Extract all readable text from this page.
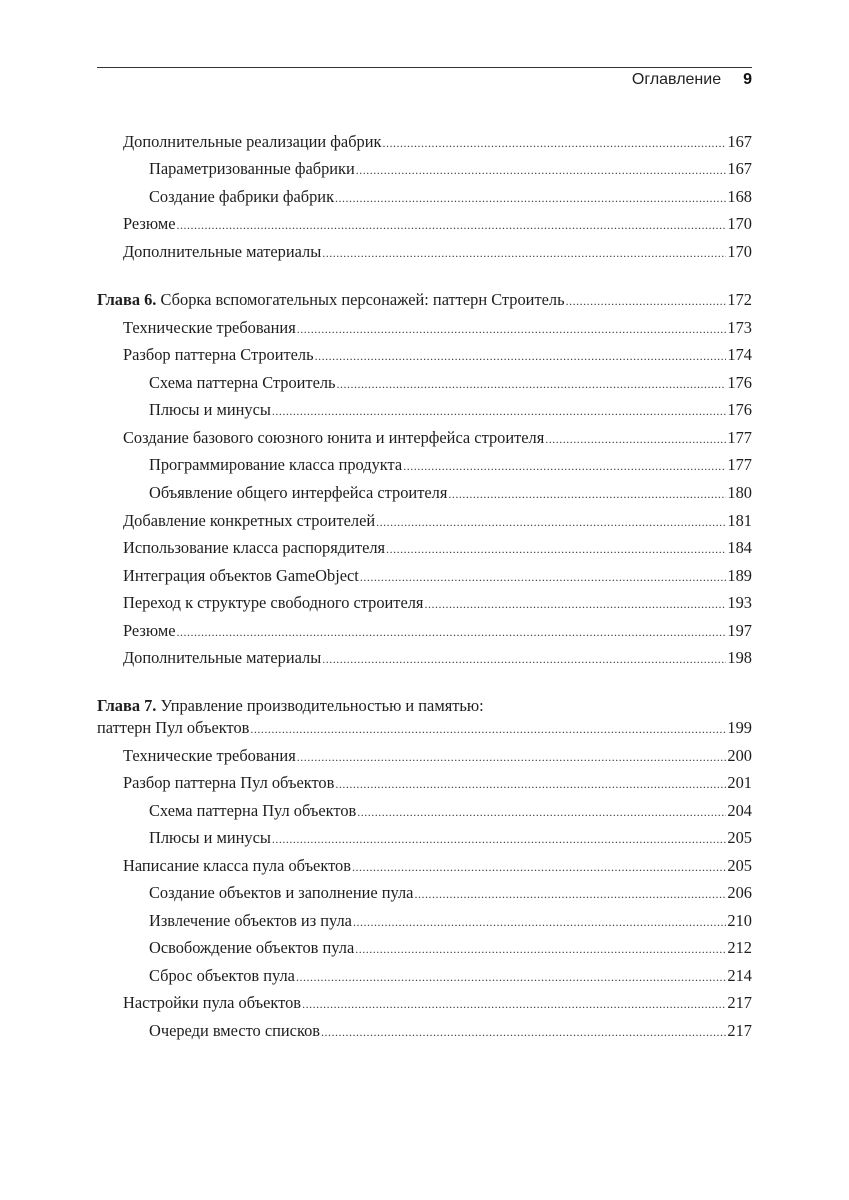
Оглавление 9
Дополнительные реализации фабрик .....	167
Параметризованные фабрики .....	167
Создание фабрики фабрик .....	168
Резюме .....	170
Дополнительные материалы .....	170
Глава 6. Сборка вспомогательных персонажей: паттерн Строитель .....	172
Технические требования .....	173
Разбор паттерна Строитель .....	174
Схема паттерна Строитель .....	176
Плюсы и минусы .....	176
Создание базового союзного юнита и интерфейса строителя .....	177
Программирование класса продукта .....	177
Объявление общего интерфейса строителя .....	180
Добавление конкретных строителей .....	181
Использование класса распорядителя .....	184
Интеграция объектов GameObject .....	189
Переход к структуре свободного строителя .....	193
Резюме .....	197
Дополнительные материалы .....	198
Глава 7. Управление производительностью и памятью:
паттерн Пул объектов .....	199
Технические требования .....	200
Разбор паттерна Пул объектов .....	201
Схема паттерна Пул объектов .....	204
Плюсы и минусы .....	205
Написание класса пула объектов .....	205
Создание объектов и заполнение пула .....	206
Извлечение объектов из пула .....	210
Освобождение объектов пула .....	212
Сброс объектов пула .....	214
Настройки пула объектов .....	217
Очереди вместо списков .....	217
